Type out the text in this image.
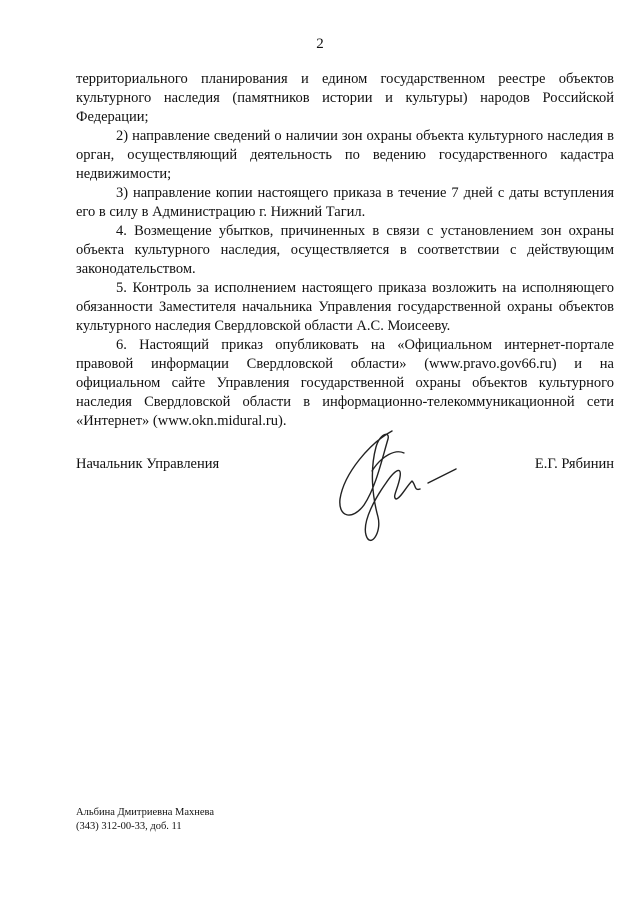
2

территориального планирования и едином государственном реестре объектов культурного наследия (памятников истории и культуры) народов Российской Федерации;

2) направление сведений о наличии зон охраны объекта культурного наследия в орган, осуществляющий деятельность по ведению государственного кадастра недвижимости;

3) направление копии настоящего приказа в течение 7 дней с даты вступления его в силу в Администрацию г. Нижний Тагил.

4. Возмещение убытков, причиненных в связи с установлением зон охраны объекта культурного наследия, осуществляется в соответствии с действующим законодательством.

5. Контроль за исполнением настоящего приказа возложить на исполняющего обязанности Заместителя начальника Управления государственной охраны объектов культурного наследия Свердловской области А.С. Моисееву.

6. Настоящий приказ опубликовать на «Официальном интернет-портале правовой информации Свердловской области» (www.pravo.gov66.ru) и на официальном сайте Управления государственной охраны объектов культурного наследия Свердловской области в информационно-телекоммуникационной сети «Интернет» (www.okn.midural.ru).

Начальник Управления	Е.Г. Рябинин
Альбина Дмитриевна Махнева
(343) 312-00-33, доб. 11
